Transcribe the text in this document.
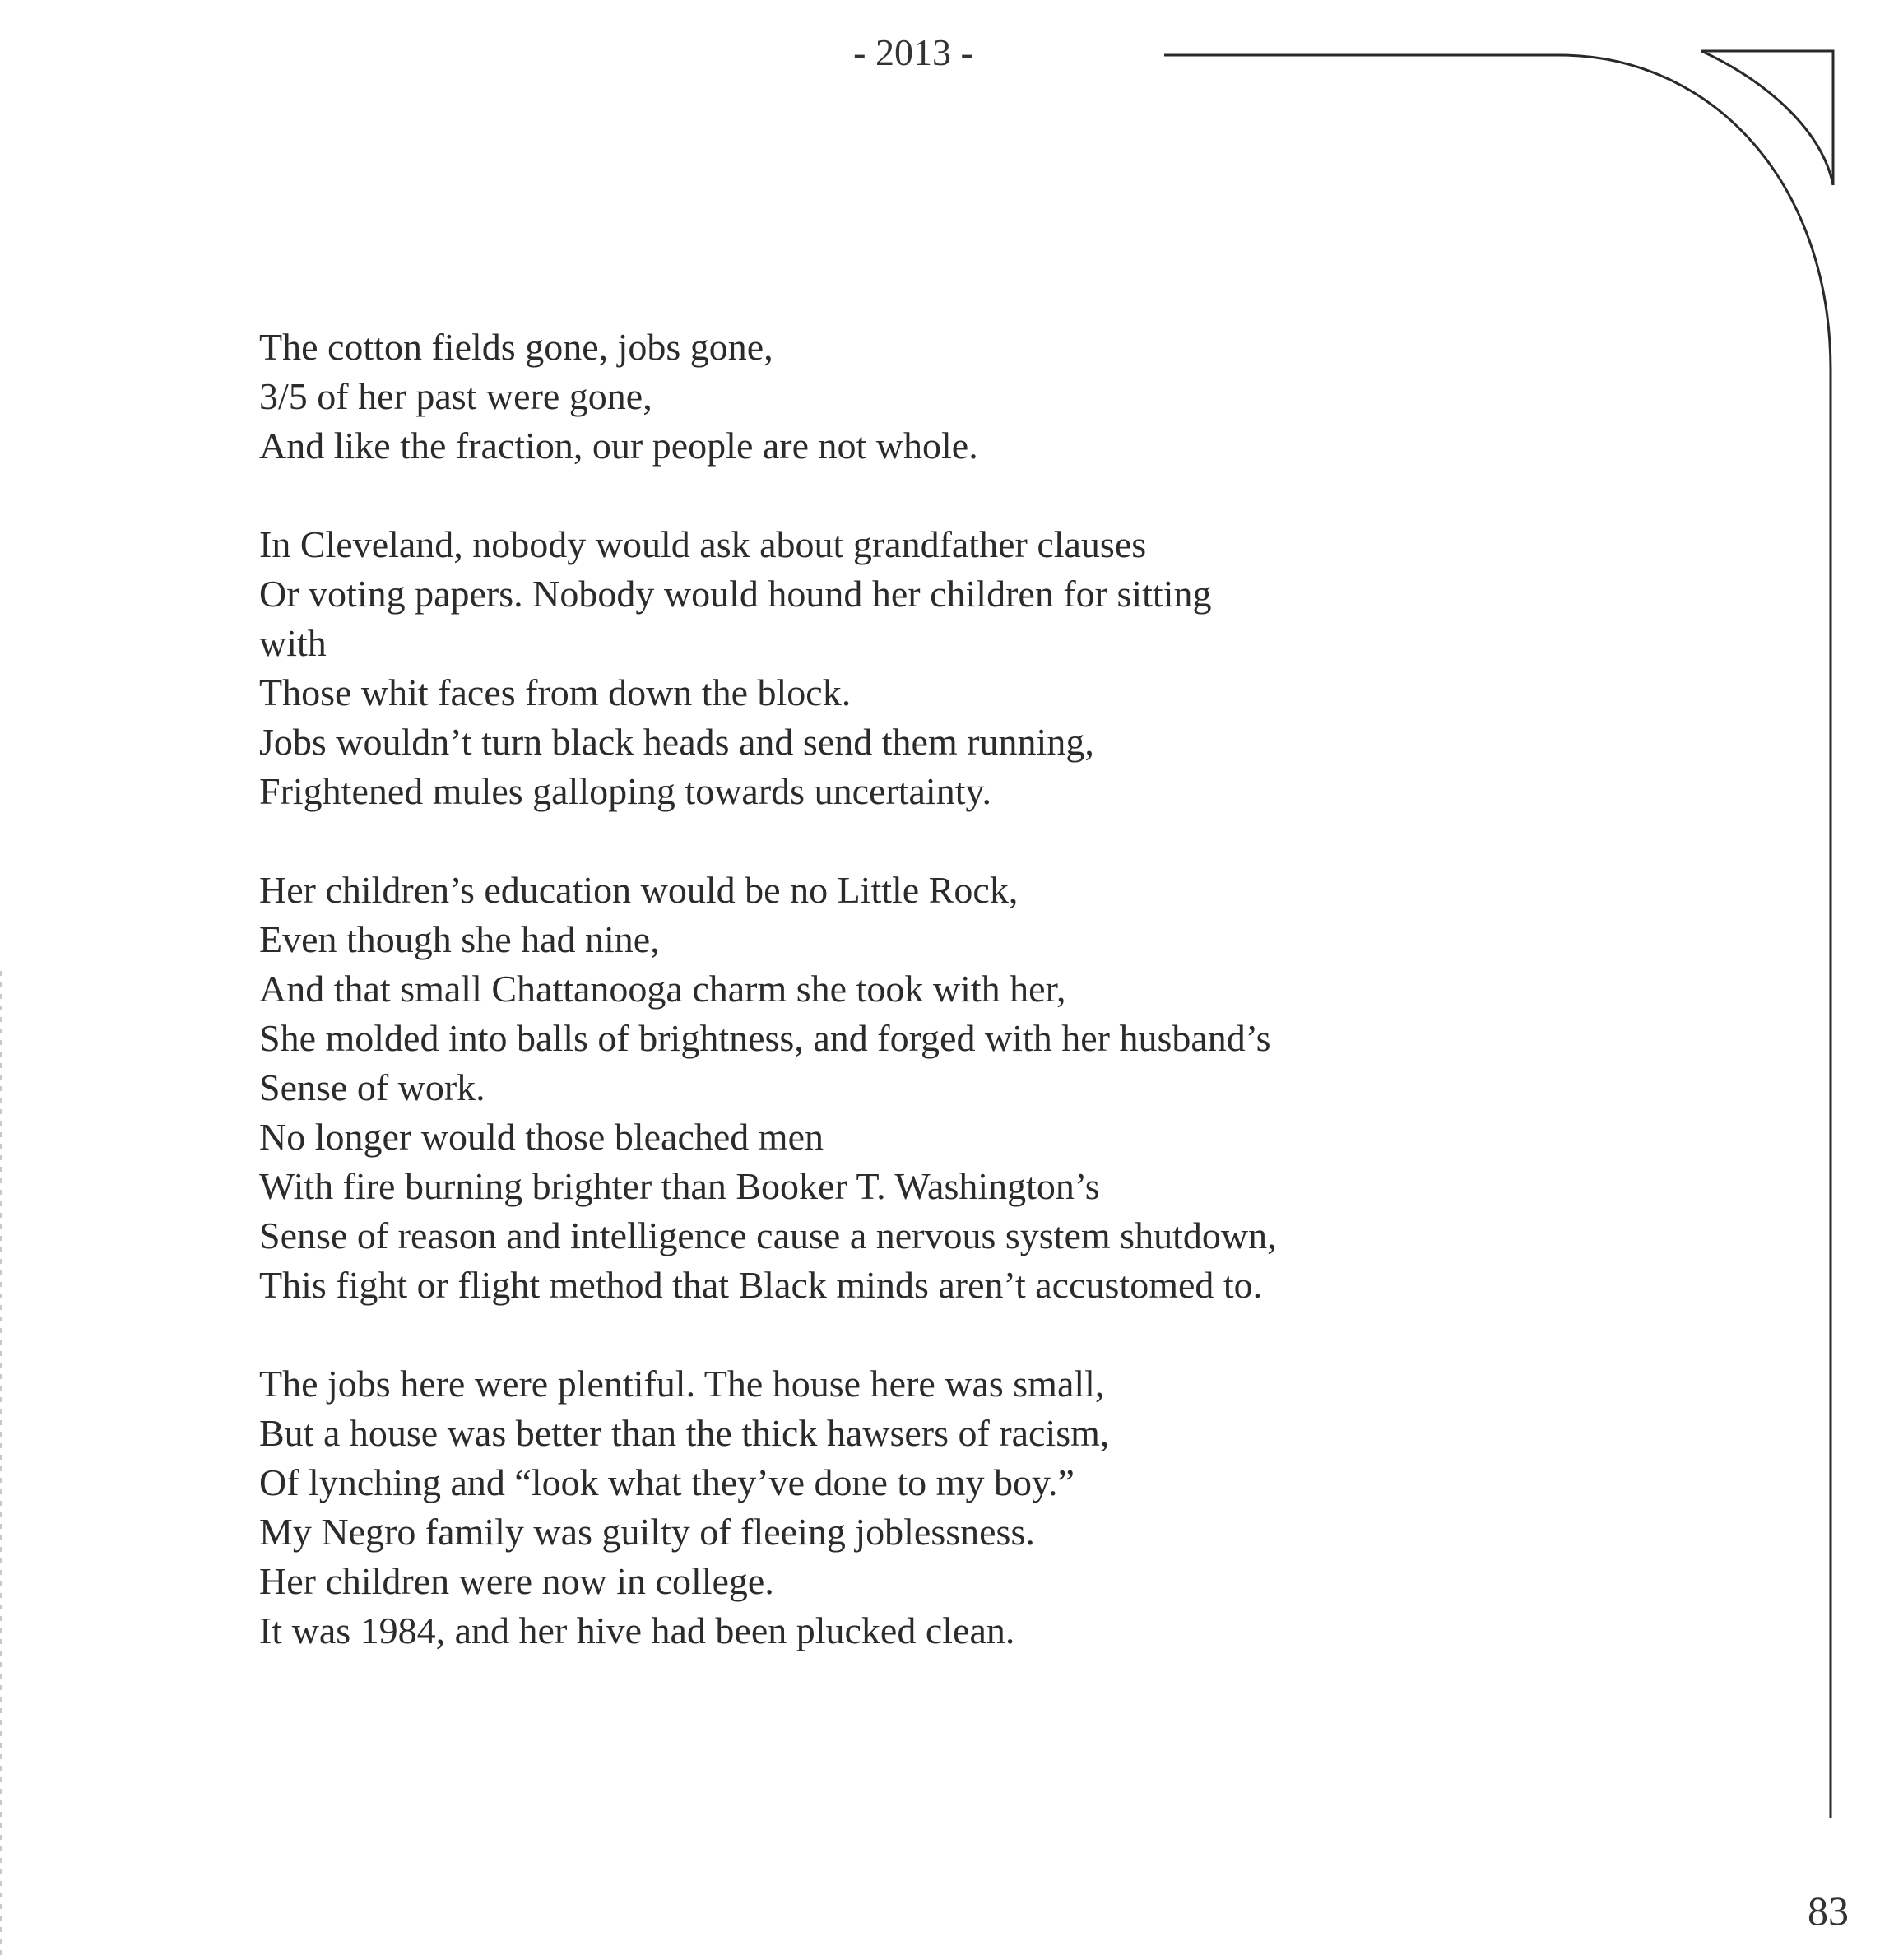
- 2013 -
The cotton fields gone, jobs gone,
3/5 of her past were gone,
And like the fraction, our people are not whole.
In Cleveland, nobody would ask about grandfather clauses
Or voting papers. Nobody would hound her children for sitting
with
Those whit faces from down the block.
Jobs wouldn’t turn black heads and send them running,
Frightened mules galloping towards uncertainty.
Her children’s education would be no Little Rock,
Even though she had nine,
And that small Chattanooga charm she took with her,
She molded into balls of brightness, and forged with her husband’s
Sense of work.
No longer would those bleached men
With fire burning brighter than Booker T. Washington’s
Sense of reason and intelligence cause a nervous system shutdown,
This fight or flight method that Black minds aren’t accustomed to.
The jobs here were plentiful. The house here was small,
But a house was better than the thick hawsers of racism,
Of lynching and “look what they’ve done to my boy.”
My Negro family was guilty of fleeing joblessness.
Her children were now in college.
It was 1984, and her hive had been plucked clean.
83
